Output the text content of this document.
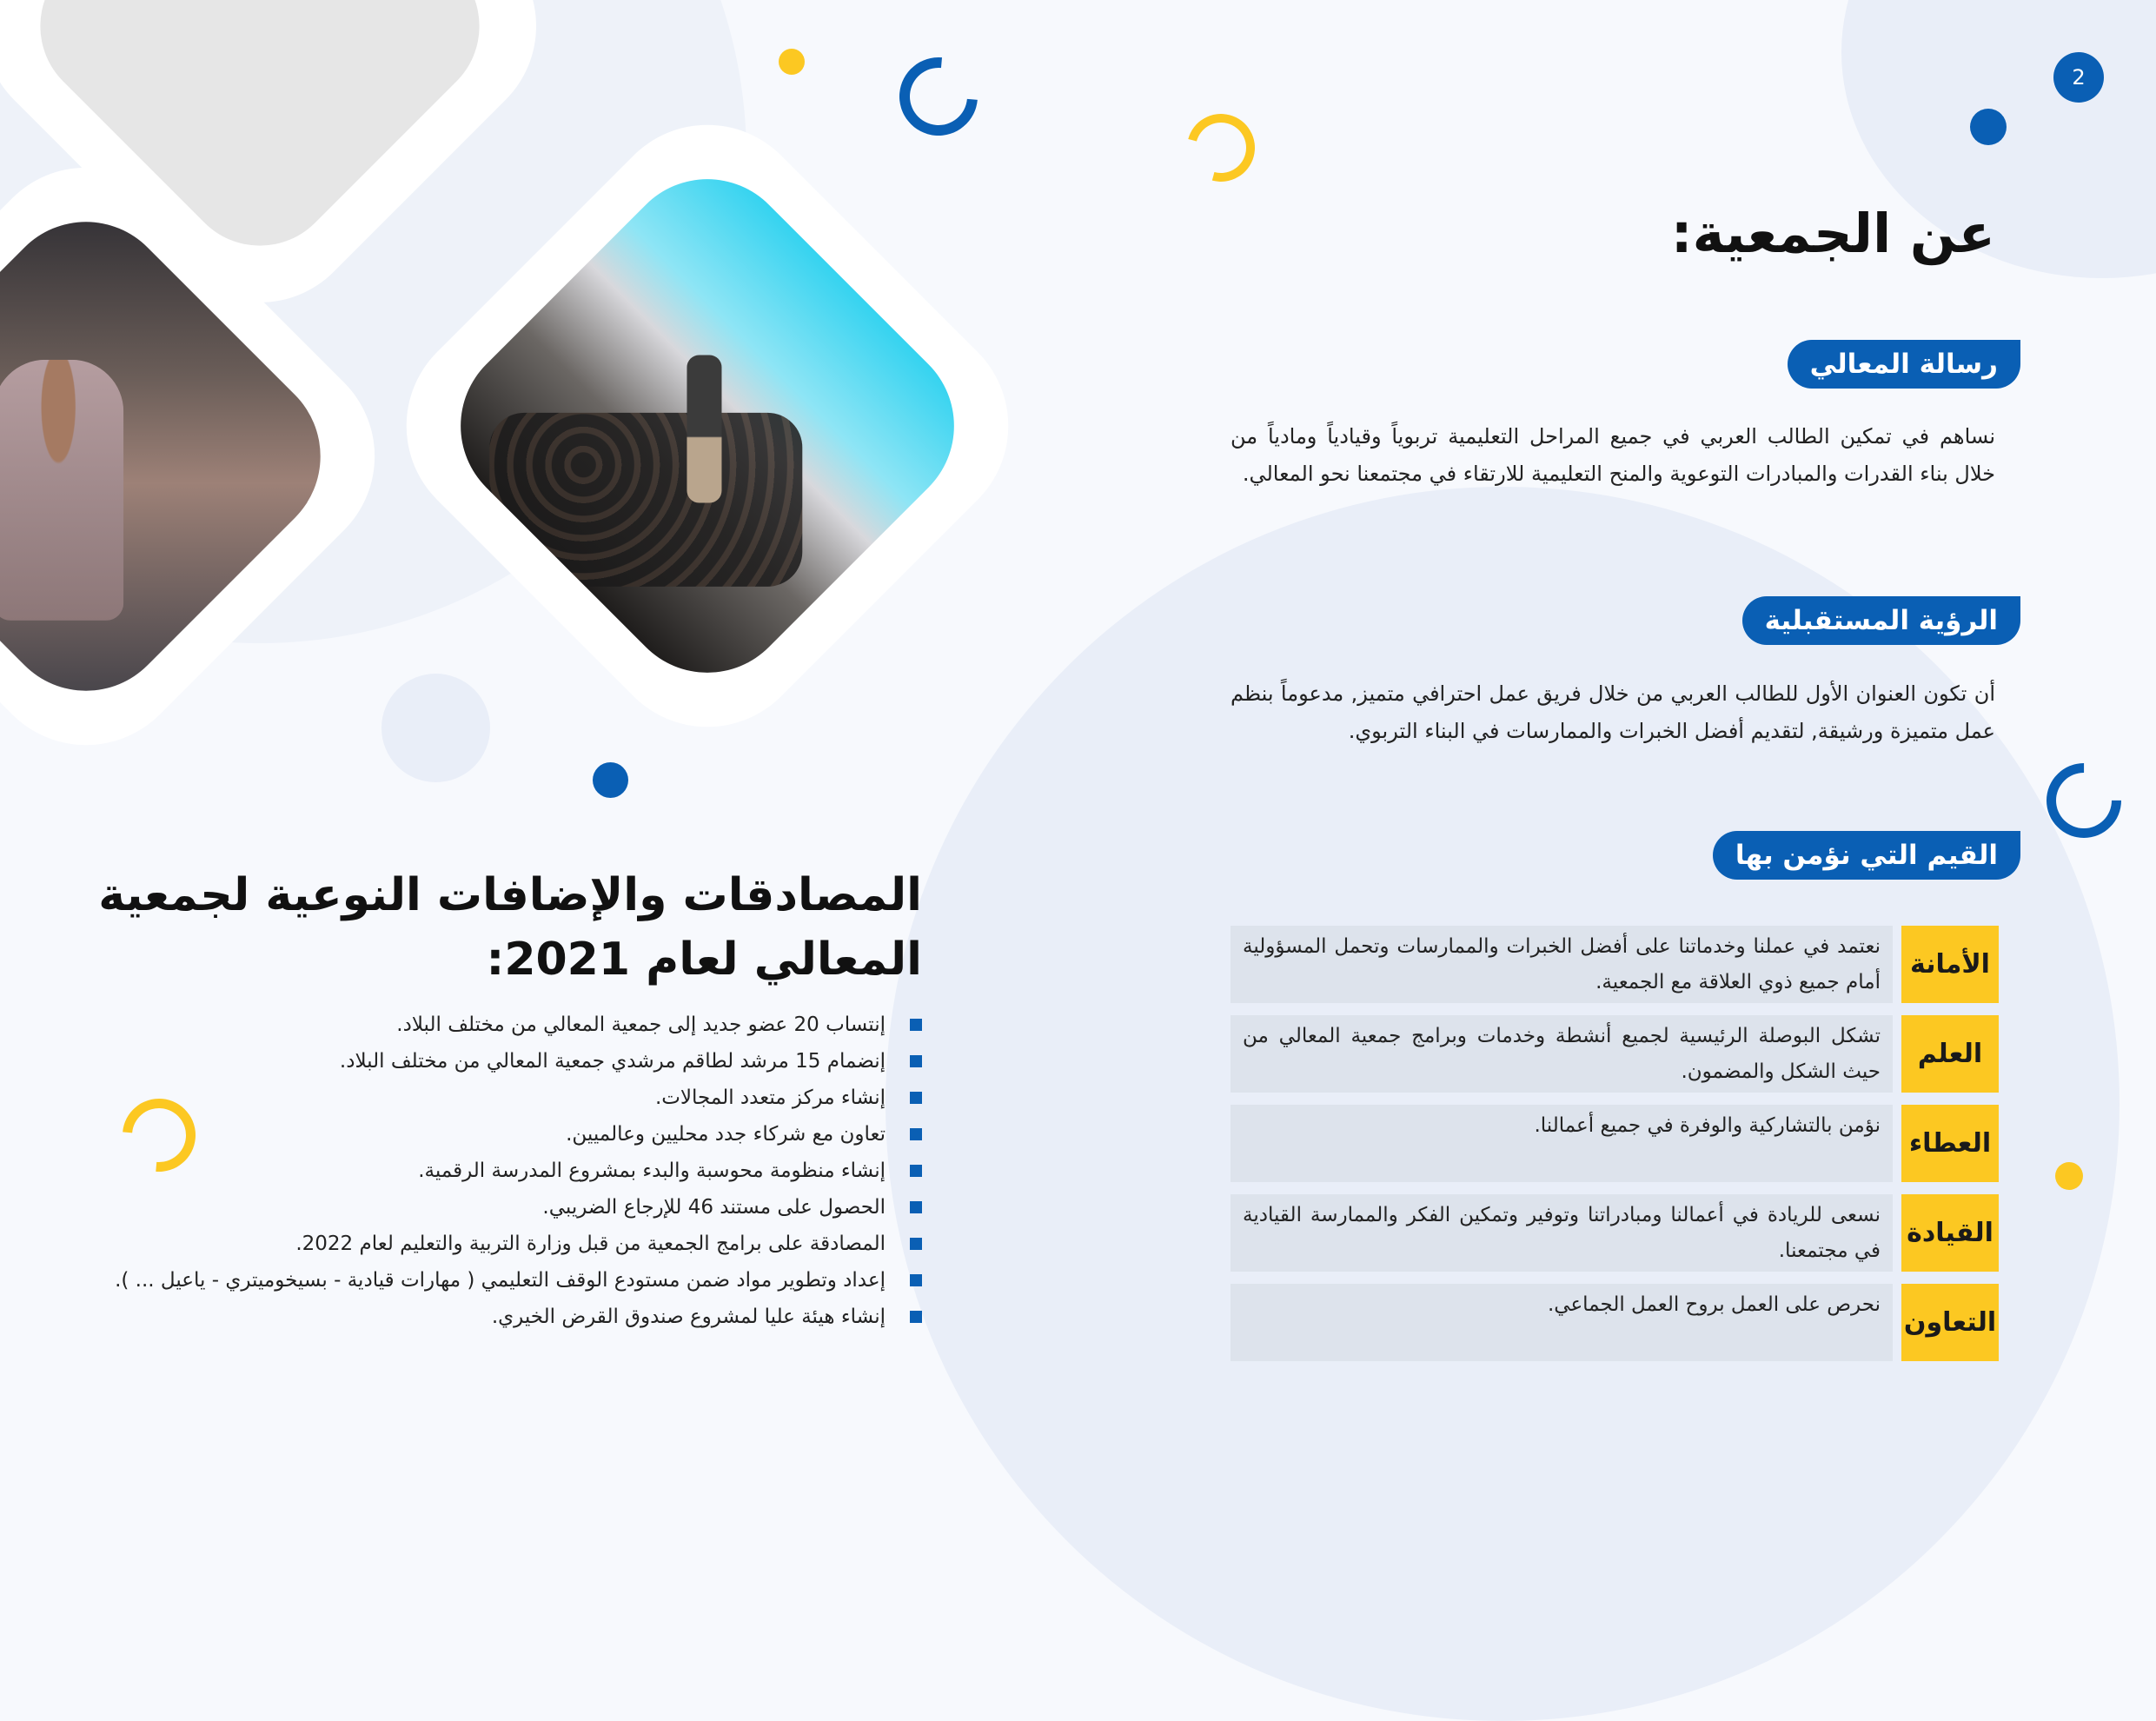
2
عن الجمعية:
رسالة المعالي

نساهم في تمكين الطالب العربي في جميع المراحل التعليمية تربوياً وقيادياً ومادياً من خلال بناء القدرات والمبادرات التوعوية والمنح التعليمية للارتقاء في مجتمعنا نحو المعالي.

الرؤية المستقبلية

أن تكون العنوان الأول للطالب العربي من خلال فريق عمل احترافي متميز, مدعوماً بنظم عمل متميزة ورشيقة, لتقديم أفضل الخبرات والممارسات في البناء التربوي.

القيم التي نؤمن بها
الأمانة
نعتمد في عملنا وخدماتنا على أفضل الخبرات والممارسات وتحمل المسؤولية أمام جميع ذوي العلاقة مع الجمعية.
العلم
تشكل البوصلة الرئيسية لجميع أنشطة وخدمات وبرامج جمعية المعالي من حيث الشكل والمضمون.
العطاء
نؤمن بالتشاركية والوفرة في جميع أعمالنا.
القيادة
نسعى للريادة في أعمالنا ومبادراتنا وتوفير وتمكين الفكر والممارسة القيادية في مجتمعنا.
التعاون
نحرص على العمل بروح العمل الجماعي.
المصادقات والإضافات النوعية لجمعية المعالي لعام 2021:
إنتساب 20 عضو جديد إلى جمعية المعالي من مختلف البلاد.
إنضمام 15 مرشد لطاقم مرشدي جمعية المعالي من مختلف البلاد.
إنشاء مركز متعدد المجالات.
تعاون مع شركاء جدد محليين وعالميين.
إنشاء منظومة محوسبة والبدء بمشروع المدرسة الرقمية.
الحصول على مستند 46 للإرجاع الضريبي.
المصادقة على برامج الجمعية من قبل وزارة التربية والتعليم لعام 2022.
إعداد وتطوير مواد ضمن مستودع الوقف التعليمي ( مهارات قيادية - بسيخوميتري - ياعيل ... ).
إنشاء هيئة عليا لمشروع صندوق القرض الخيري.
